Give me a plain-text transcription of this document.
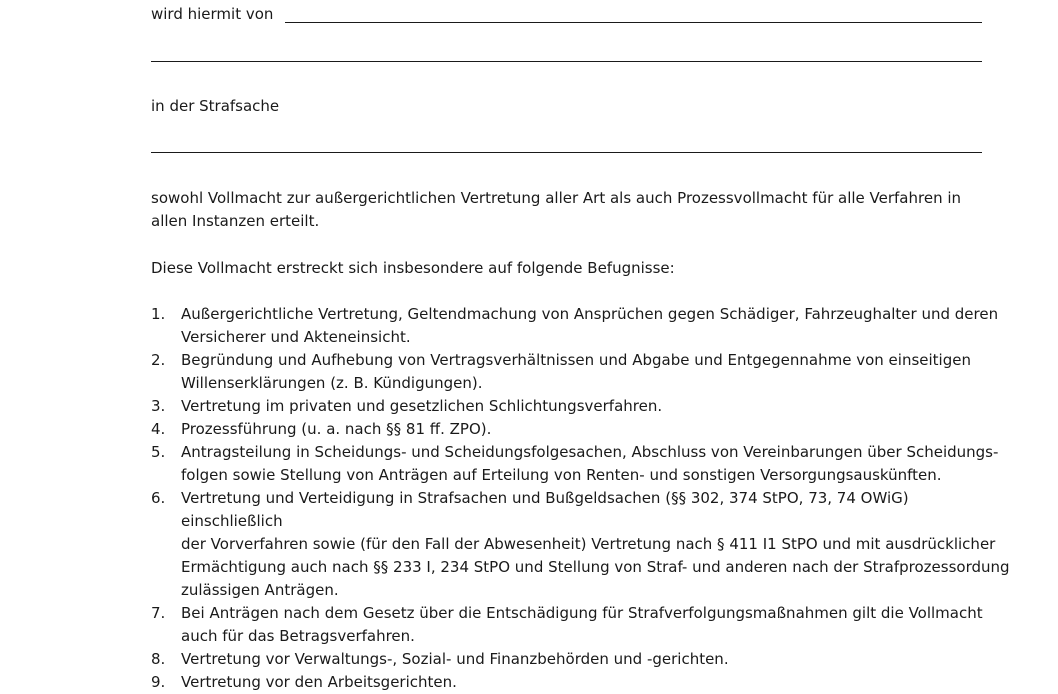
wird hiermit von
in der Strafsache
sowohl Vollmacht zur außergerichtlichen Vertretung aller Art als auch Prozessvollmacht für alle Verfahren in allen Instanzen erteilt.
Diese Vollmacht erstreckt sich insbesondere auf folgende Befugnisse:
1.	Außergerichtliche Vertretung, Geltendmachung von Ansprüchen gegen Schädiger, Fahrzeughalter und deren
Versicherer und Akteneinsicht.
2.	Begründung und Aufhebung von Vertragsverhältnissen und Abgabe und Entgegennahme von einseitigen
Willenserklärungen (z. B. Kündigungen).
3.	Vertretung im privaten und gesetzlichen Schlichtungsverfahren.
4.	Prozessführung (u. a. nach §§ 81 ff. ZPO).
5.	Antragsteilung in Scheidungs- und Scheidungsfolgesachen, Abschluss von Vereinbarungen über Scheidungs-
folgen sowie Stellung von Anträgen auf Erteilung von Renten- und sonstigen Versorgungsauskünften.
6.	Vertretung und Verteidigung in Strafsachen und Bußgeldsachen (§§ 302, 374 StPO, 73, 74 OWiG) einschließlich
der Vorverfahren sowie (für den Fall der Abwesenheit) Vertretung nach § 411 I1 StPO und mit ausdrücklicher
Ermächtigung auch nach §§ 233 I, 234 StPO und Stellung von Straf- und anderen nach der Strafprozessordung
zulässigen Anträgen.
7.	Bei Anträgen nach dem Gesetz über die Entschädigung für Strafverfolgungsmaßnahmen gilt die Vollmacht
auch für das Betragsverfahren.
8.	Vertretung vor Verwaltungs-, Sozial- und Finanzbehörden und -gerichten.
9.	Vertretung vor den Arbeitsgerichten.
